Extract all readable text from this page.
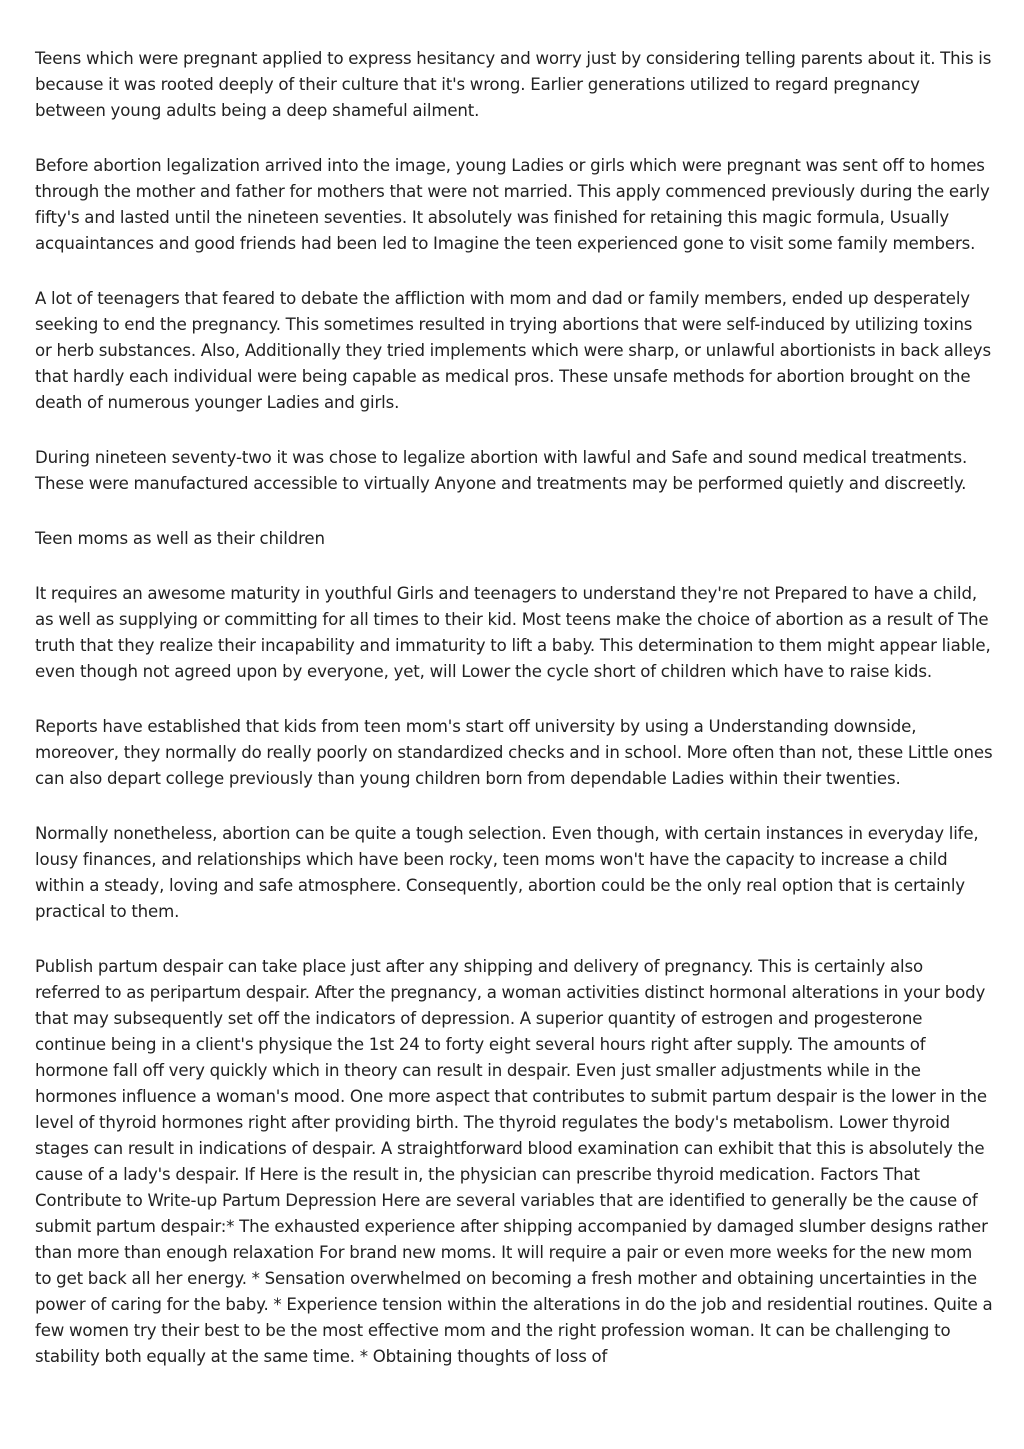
Teens which were pregnant applied to express hesitancy and worry just by considering telling parents about it. This is because it was rooted deeply of their culture that it's wrong. Earlier generations utilized to regard pregnancy between young adults being a deep shameful ailment.

Before abortion legalization arrived into the image, young Ladies or girls which were pregnant was sent off to homes through the mother and father for mothers that were not married. This apply commenced previously during the early fifty's and lasted until the nineteen seventies. It absolutely was finished for retaining this magic formula, Usually acquaintances and good friends had been led to Imagine the teen experienced gone to visit some family members.

A lot of teenagers that feared to debate the affliction with mom and dad or family members, ended up desperately seeking to end the pregnancy. This sometimes resulted in trying abortions that were self-induced by utilizing toxins or herb substances. Also, Additionally they tried implements which were sharp, or unlawful abortionists in back alleys that hardly each individual were being capable as medical pros. These unsafe methods for abortion brought on the death of numerous younger Ladies and girls.

During nineteen seventy-two it was chose to legalize abortion with lawful and Safe and sound medical treatments. These were manufactured accessible to virtually Anyone and treatments may be performed quietly and discreetly.

Teen moms as well as their children

It requires an awesome maturity in youthful Girls and teenagers to understand they're not Prepared to have a child, as well as supplying or committing for all times to their kid. Most teens make the choice of abortion as a result of The truth that they realize their incapability and immaturity to lift a baby. This determination to them might appear liable, even though not agreed upon by everyone, yet, will Lower the cycle short of children which have to raise kids.

Reports have established that kids from teen mom's start off university by using a Understanding downside, moreover, they normally do really poorly on standardized checks and in school. More often than not, these Little ones can also depart college previously than young children born from dependable Ladies within their twenties.

Normally nonetheless, abortion can be quite a tough selection. Even though, with certain instances in everyday life, lousy finances, and relationships which have been rocky, teen moms won't have the capacity to increase a child within a steady, loving and safe atmosphere. Consequently, abortion could be the only real option that is certainly practical to them.

Publish partum despair can take place just after any shipping and delivery of pregnancy. This is certainly also referred to as peripartum despair. After the pregnancy, a woman activities distinct hormonal alterations in your body that may subsequently set off the indicators of depression. A superior quantity of estrogen and progesterone continue being in a client's physique the 1st 24 to forty eight several hours right after supply. The amounts of hormone fall off very quickly which in theory can result in despair. Even just smaller adjustments while in the hormones influence a woman's mood. One more aspect that contributes to submit partum despair is the lower in the level of thyroid hormones right after providing birth. The thyroid regulates the body's metabolism. Lower thyroid stages can result in indications of despair. A straightforward blood examination can exhibit that this is absolutely the cause of a lady's despair. If Here is the result in, the physician can prescribe thyroid medication. Factors That Contribute to Write-up Partum Depression Here are several variables that are identified to generally be the cause of submit partum despair:* The exhausted experience after shipping accompanied by damaged slumber designs rather than more than enough relaxation For brand new moms. It will require a pair or even more weeks for the new mom to get back all her energy. * Sensation overwhelmed on becoming a fresh mother and obtaining uncertainties in the power of caring for the baby. * Experience tension within the alterations in do the job and residential routines. Quite a few women try their best to be the most effective mom and the right profession woman. It can be challenging to stability both equally at the same time. * Obtaining thoughts of loss of
